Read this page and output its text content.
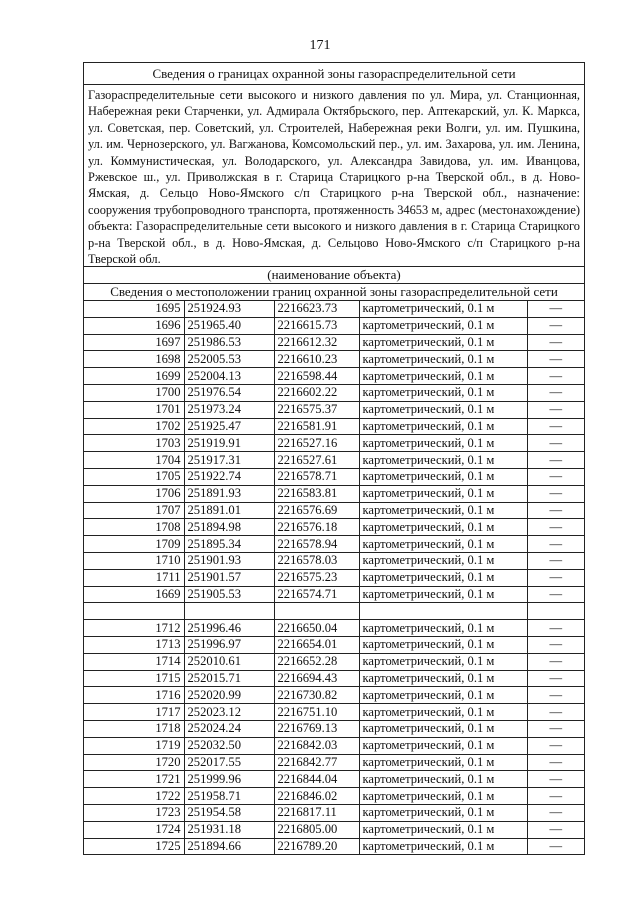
171
Сведения о границах охранной зоны газораспределительной сети
Газораспределительные сети высокого и низкого давления по ул. Мира, ул. Станционная, Набережная реки Старченки, ул. Адмирала Октябрьского, пер. Аптекарский, ул. К. Маркса, ул. Советская, пер. Советский, ул. Строителей, Набережная реки Волги, ул. им. Пушкина, ул. им. Чернозерского, ул. Вагжанова, Комсомольский пер., ул. им. Захарова, ул. им. Ленина, ул. Коммунистическая, ул. Володарского, ул. Александра Завидова, ул. им. Иванцова, Ржевское ш., ул. Приволжская в г. Старица Старицкого р-на Тверской обл., в д. Ново-Ямская, д. Сельцо Ново-Ямского с/п Старицкого р-на Тверской обл., назначение: сооружения трубопроводного транспорта, протяженность 34653 м, адрес (местонахождение) объекта: Газораспределительные сети высокого и низкого давления в г. Старица Старицкого р-на Тверской обл., в д. Ново-Ямская, д. Сельцово Ново-Ямского с/п Старицкого р-на Тверской обл.
(наименование объекта)
Сведения о местоположении границ охранной зоны газораспределительной сети
1695	251924.93	2216623.73	картометрический, 0.1 м	—
1696	251965.40	2216615.73	картометрический, 0.1 м	—
1697	251986.53	2216612.32	картометрический, 0.1 м	—
1698	252005.53	2216610.23	картометрический, 0.1 м	—
1699	252004.13	2216598.44	картометрический, 0.1 м	—
1700	251976.54	2216602.22	картометрический, 0.1 м	—
1701	251973.24	2216575.37	картометрический, 0.1 м	—
1702	251925.47	2216581.91	картометрический, 0.1 м	—
1703	251919.91	2216527.16	картометрический, 0.1 м	—
1704	251917.31	2216527.61	картометрический, 0.1 м	—
1705	251922.74	2216578.71	картометрический, 0.1 м	—
1706	251891.93	2216583.81	картометрический, 0.1 м	—
1707	251891.01	2216576.69	картометрический, 0.1 м	—
1708	251894.98	2216576.18	картометрический, 0.1 м	—
1709	251895.34	2216578.94	картометрический, 0.1 м	—
1710	251901.93	2216578.03	картометрический, 0.1 м	—
1711	251901.57	2216575.23	картометрический, 0.1 м	—
1669	251905.53	2216574.71	картометрический, 0.1 м	—

1712	251996.46	2216650.04	картометрический, 0.1 м	—
1713	251996.97	2216654.01	картометрический, 0.1 м	—
1714	252010.61	2216652.28	картометрический, 0.1 м	—
1715	252015.71	2216694.43	картометрический, 0.1 м	—
1716	252020.99	2216730.82	картометрический, 0.1 м	—
1717	252023.12	2216751.10	картометрический, 0.1 м	—
1718	252024.24	2216769.13	картометрический, 0.1 м	—
1719	252032.50	2216842.03	картометрический, 0.1 м	—
1720	252017.55	2216842.77	картометрический, 0.1 м	—
1721	251999.96	2216844.04	картометрический, 0.1 м	—
1722	251958.71	2216846.02	картометрический, 0.1 м	—
1723	251954.58	2216817.11	картометрический, 0.1 м	—
1724	251931.18	2216805.00	картометрический, 0.1 м	—
1725	251894.66	2216789.20	картометрический, 0.1 м	—
